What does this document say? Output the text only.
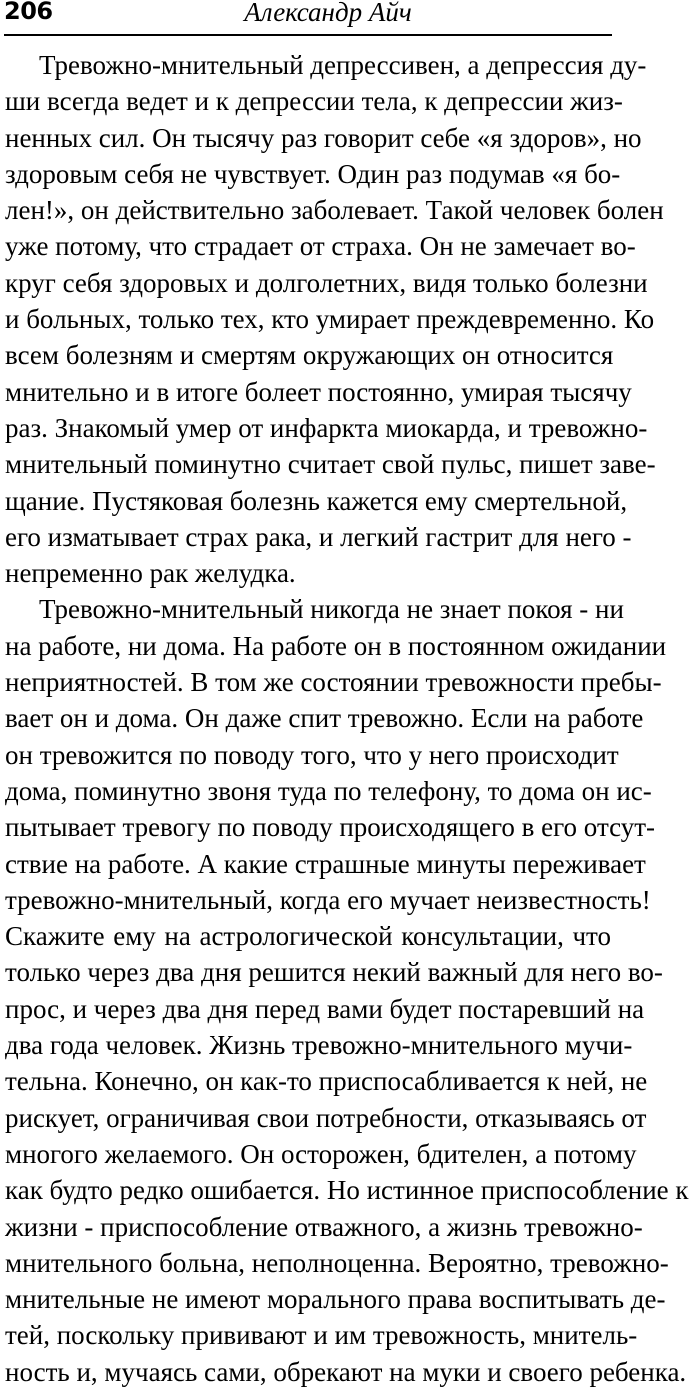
206	Александр Айч

Тревожно-мнительный депрессивен, а депрессия ду-
ши всегда ведет и к депрессии тела, к депрессии жиз-
ненных сил. Он тысячу раз говорит себе «я здоров», но
здоровым себя не чувствует. Один раз подумав «я бо-
лен!», он действительно заболевает. Такой человек болен
уже потому, что страдает от страха. Он не замечает во-
круг себя здоровых и долголетних, видя только болезни
и больных, только тех, кто умирает преждевременно. Ко
всем болезням и смертям окружающих он относится
мнительно и в итоге болеет постоянно, умирая тысячу
раз. Знакомый умер от инфаркта миокарда, и тревожно-
мнительный поминутно считает свой пульс, пишет заве-
щание. Пустяковая болезнь кажется ему смертельной,
его изматывает страх рака, и легкий гастрит для него -
непременно рак желудка.

Тревожно-мнительный никогда не знает покоя - ни
на работе, ни дома. На работе он в постоянном ожидании
неприятностей. В том же состоянии тревожности пребы-
вает он и дома. Он даже спит тревожно. Если на работе
он тревожится по поводу того, что у него происходит
дома, поминутно звоня туда по телефону, то дома он ис-
пытывает тревогу по поводу происходящего в его отсут-
ствие на работе. А какие страшные минуты переживает
тревожно-мнительный, когда его мучает неизвестность!
Скажите ему на астрологической консультации, что
только через два дня решится некий важный для него во-
прос, и через два дня перед вами будет постаревший на
два года человек. Жизнь тревожно-мнительного мучи-
тельна. Конечно, он как-то приспосабливается к ней, не
рискует, ограничивая свои потребности, отказываясь от
многого желаемого. Он осторожен, бдителен, а потому
как будто редко ошибается. Но истинное приспособление к
жизни - приспособление отважного, а жизнь тревожно-
мнительного больна, неполноценна. Вероятно, тревожно-
мнительные не имеют морального права воспитывать де-
тей, поскольку прививают и им тревожность, мнитель-
ность и, мучаясь сами, обрекают на муки и своего ребенка.
